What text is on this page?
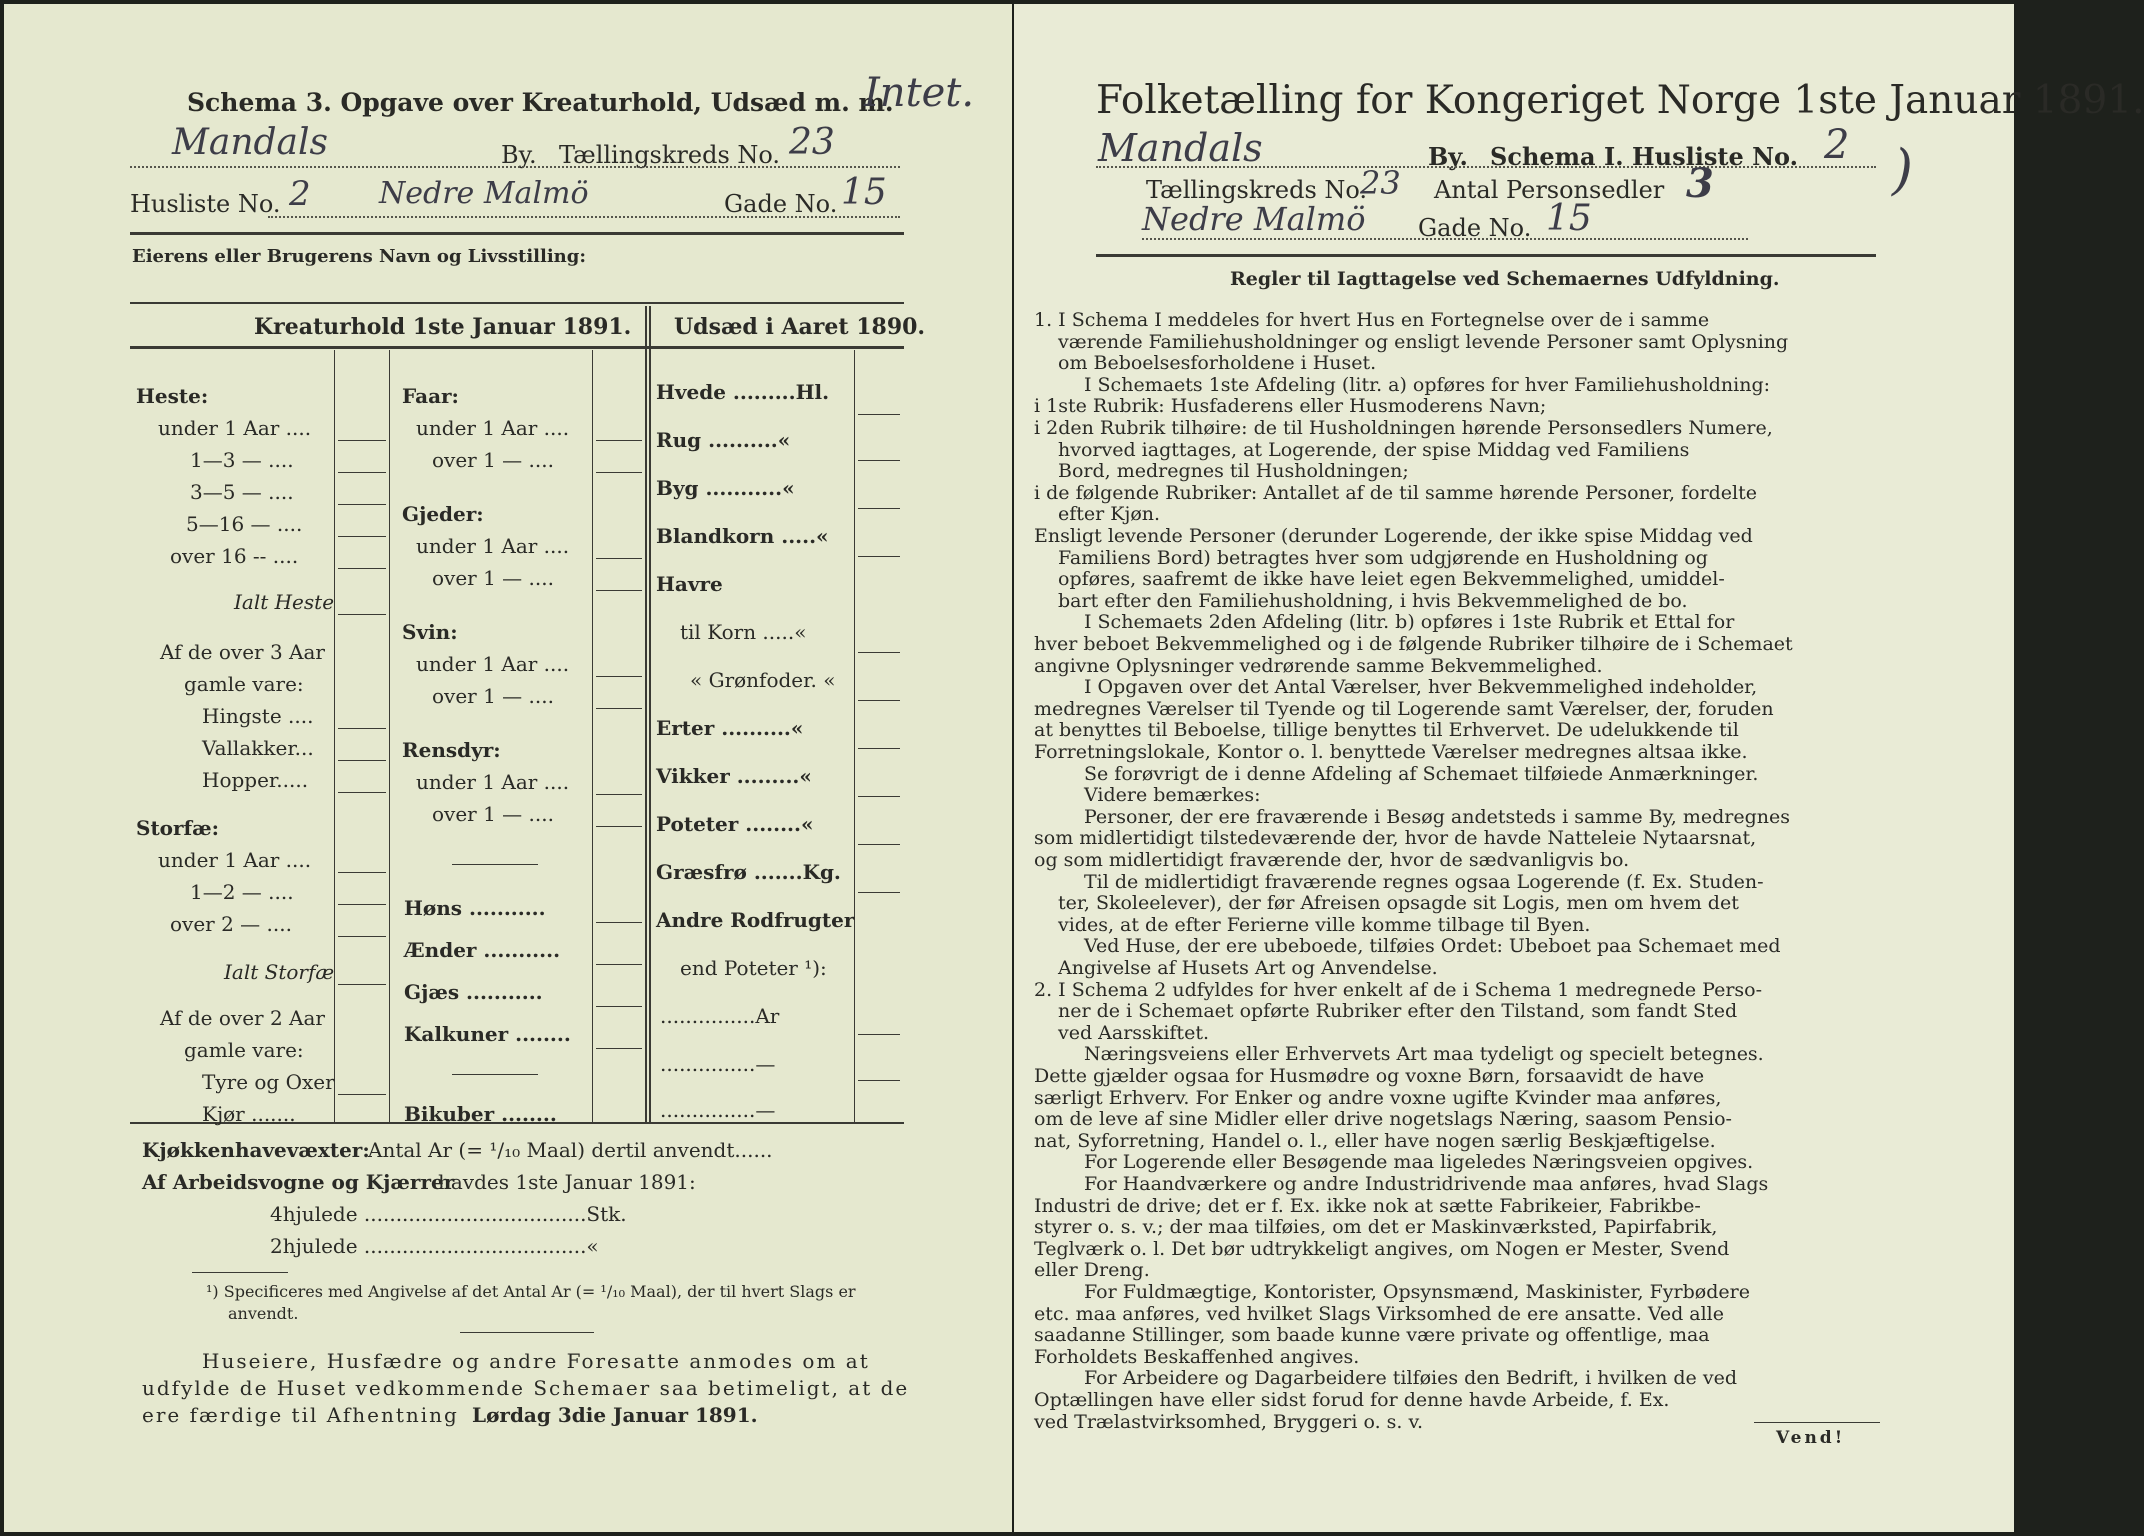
Schema 3. Opgave over Kreaturhold, Udsæd m. m.
Intet.
Mandals	By. Tællingskreds No. 23
Husliste No. 2 Nedre Malmö	Gade No. 15
Eierens eller Brugerens Navn og Livsstilling:
Kreaturhold 1ste Januar 1891. Udsæd i Aaret 1890.
Heste:
under 1 Aar ....
1—3 — ....
3—5 — ....
5—16 — ....
over 16 -- ....
Ialt Heste
Af de over 3 Aar
gamle vare:
Hingste ....
Vallakker...
Hopper.....
Storfæ:
under 1 Aar ....
1—2 — ....
over 2 — ....
Ialt Storfæ
Af de over 2 Aar
gamle vare:
Tyre og Oxer
Kjør .......
Faar:
under 1 Aar ....
over 1 — ....
Gjeder:
under 1 Aar ....
over 1 — ....
Svin:
under 1 Aar ....
over 1 — ....
Rensdyr:
under 1 Aar ....
over 1 — ....
Høns ...........
Ænder ...........
Gjæs ...........
Kalkuner ........
Bikuber ........
Hvede .........Hl.
Rug ..........«
Byg ...........«
Blandkorn .....«
Havre
til Korn .....«
« Grønfoder. «
Erter ..........«
Vikker .........«
Poteter ........«
Græsfrø .......Kg.
Andre Rodfrugter
end Poteter ¹):
...............Ar
...............—
...............—
Kjøkkenhavevæxter:
Antal Ar (= ¹/₁₀ Maal) dertil anvendt......
Af Arbeidsvogne og Kjærrer
havdes 1ste Januar 1891:
4hjulede ...................................Stk.
2hjulede ...................................«
¹) Specificeres med Angivelse af det Antal Ar (= ¹/₁₀ Maal), der til hvert Slags er
anvendt.
Huseiere, Husfædre og andre Foresatte anmodes om at
udfylde de Huset vedkommende Schemaer saa betimeligt, at de
ere færdige til Afhentning Lørdag 3die Januar 1891.
Folketælling for Kongeriget Norge 1ste Januar 1891.
Mandals	By. Schema I. Husliste No. 2 )
Tællingskreds No.
23 Antal Personsedler 3
Nedre Malmö Gade No. 15
Regler til Iagttagelse ved Schemaernes Udfyldning.
1. I Schema I meddeles for hvert Hus en Fortegnelse over de i samme
værende Familiehusholdninger og ensligt levende Personer samt Oplysning
om Beboelsesforholdene i Huset.
I Schemaets 1ste Afdeling (litr. a) opføres for hver Familiehusholdning:
i 1ste Rubrik: Husfaderens eller Husmoderens Navn;
i 2den Rubrik tilhøire: de til Husholdningen hørende Personsedlers Numere,
hvorved iagttages, at Logerende, der spise Middag ved Familiens
Bord, medregnes til Husholdningen;
i de følgende Rubriker: Antallet af de til samme hørende Personer, fordelte
efter Kjøn.
Ensligt levende Personer (derunder Logerende, der ikke spise Middag ved
Familiens Bord) betragtes hver som udgjørende en Husholdning og
opføres, saafremt de ikke have leiet egen Bekvemmelighed, umiddel-
bart efter den Familiehusholdning, i hvis Bekvemmelighed de bo.
I Schemaets 2den Afdeling (litr. b) opføres i 1ste Rubrik et Ettal for
hver beboet Bekvemmelighed og i de følgende Rubriker tilhøire de i Schemaet
angivne Oplysninger vedrørende samme Bekvemmelighed.
I Opgaven over det Antal Værelser, hver Bekvemmelighed indeholder,
medregnes Værelser til Tyende og til Logerende samt Værelser, der, foruden
at benyttes til Beboelse, tillige benyttes til Erhvervet. De udelukkende til
Forretningslokale, Kontor o. l. benyttede Værelser medregnes altsaa ikke.
Se forøvrigt de i denne Afdeling af Schemaet tilføiede Anmærkninger.
Videre bemærkes:
Personer, der ere fraværende i Besøg andetsteds i samme By, medregnes
som midlertidigt tilstedeværende der, hvor de havde Natteleie Nytaarsnat,
og som midlertidigt fraværende der, hvor de sædvanligvis bo.
Til de midlertidigt fraværende regnes ogsaa Logerende (f. Ex. Studen-
ter, Skoleelever), der før Afreisen opsagde sit Logis, men om hvem det
vides, at de efter Ferierne ville komme tilbage til Byen.
Ved Huse, der ere ubeboede, tilføies Ordet: Ubeboet paa Schemaet med
Angivelse af Husets Art og Anvendelse.
2. I Schema 2 udfyldes for hver enkelt af de i Schema 1 medregnede Perso-
ner de i Schemaet opførte Rubriker efter den Tilstand, som fandt Sted
ved Aarsskiftet.
Næringsveiens eller Erhvervets Art maa tydeligt og specielt betegnes.
Dette gjælder ogsaa for Husmødre og voxne Børn, forsaavidt de have
særligt Erhverv. For Enker og andre voxne ugifte Kvinder maa anføres,
om de leve af sine Midler eller drive nogetslags Næring, saasom Pensio-
nat, Syforretning, Handel o. l., eller have nogen særlig Beskjæftigelse.
For Logerende eller Besøgende maa ligeledes Næringsveien opgives.
For Haandværkere og andre Industridrivende maa anføres, hvad Slags
Industri de drive; det er f. Ex. ikke nok at sætte Fabrikeier, Fabrikbe-
styrer o. s. v.; der maa tilføies, om det er Maskinværksted, Papirfabrik,
Teglværk o. l. Det bør udtrykkeligt angives, om Nogen er Mester, Svend
eller Dreng.
For Fuldmægtige, Kontorister, Opsynsmænd, Maskinister, Fyrbødere
etc. maa anføres, ved hvilket Slags Virksomhed de ere ansatte. Ved alle
saadanne Stillinger, som baade kunne være private og offentlige, maa
Forholdets Beskaffenhed angives.
For Arbeidere og Dagarbeidere tilføies den Bedrift, i hvilken de ved
Optællingen have eller sidst forud for denne havde Arbeide, f. Ex.
ved Trælastvirksomhed, Bryggeri o. s. v.
Vend!
